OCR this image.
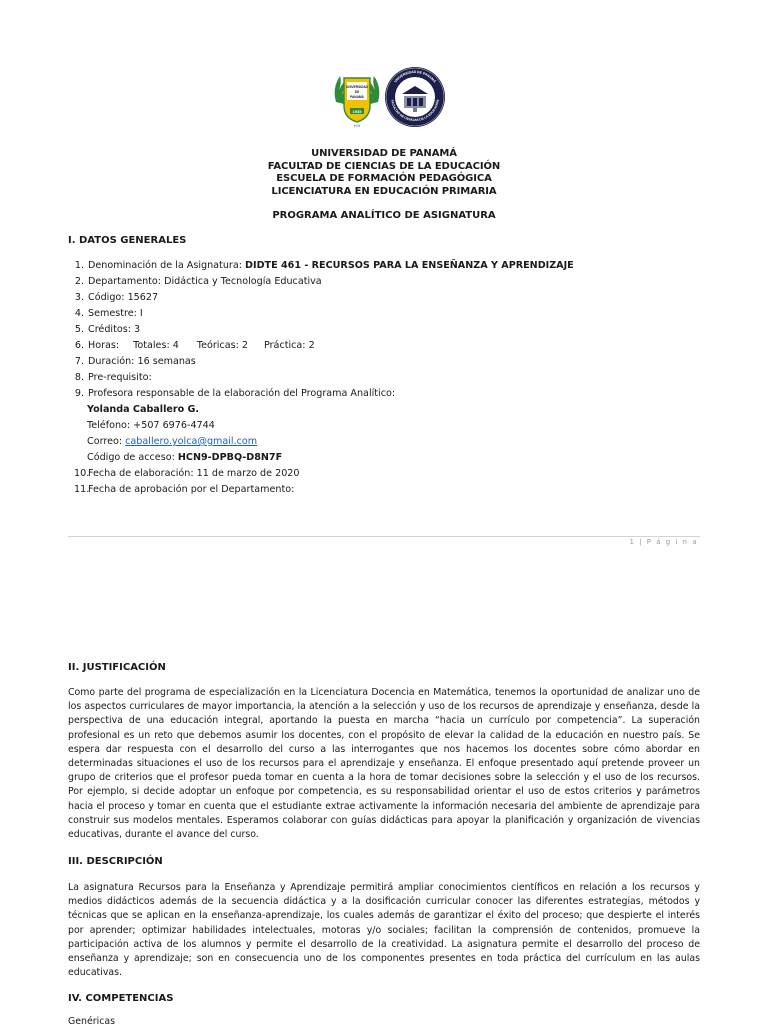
UNIVERSIDAD
DE
PANAMÁ
1935
H H
UNIVERSIDAD DE PANAMÁ
FACULTAD DE CIENCIAS DE LA EDUCACIÓN
UNIVERSIDAD DE PANAMÁ
FACULTAD DE CIENCIAS DE LA EDUCACIÓN
ESCUELA DE FORMACIÓN PEDAGÓGICA
LICENCIATURA EN EDUCACIÓN PRIMARIA
PROGRAMA ANALÍTICO DE ASIGNATURA
I. DATOS GENERALES
1. Denominación de la Asignatura: DIDTE 461 - RECURSOS PARA LA ENSEÑANZA Y APRENDIZAJE
2. Departamento: Didáctica y Tecnología Educativa
3. Código: 15627
4. Semestre: I
5. Créditos: 3
6. Horas: Totales: 4 Teóricas: 2 Práctica: 2
7. Duración: 16 semanas
8. Pre-requisito:
9. Profesora responsable de la elaboración del Programa Analítico:
Yolanda Caballero G.
Teléfono: +507 6976-4744
Correo: caballero.yolca@gmail.com
Código de acceso: HCN9-DPBQ-D8N7F
10.Fecha de elaboración: 11 de marzo de 2020
11.Fecha de aprobación por el Departamento:
1 | P á g i n a
II. JUSTIFICACIÓN
Como parte del programa de especialización en la Licenciatura Docencia en Matemática, tenemos la oportunidad de analizar uno de los aspectos curriculares de mayor importancia, la atención a la selección y uso de los recursos de aprendizaje y enseñanza, desde la perspectiva de una educación integral, aportando la puesta en marcha “hacia un currículo por competencia”. La superación profesional es un reto que debemos asumir los docentes, con el propósito de elevar la calidad de la educación en nuestro país. Se espera dar respuesta con el desarrollo del curso a las interrogantes que nos hacemos los docentes sobre cómo abordar en determinadas situaciones el uso de los recursos para el aprendizaje y enseñanza. El enfoque presentado aquí pretende proveer un grupo de criterios que el profesor pueda tomar en cuenta a la hora de tomar decisiones sobre la selección y el uso de los recursos. Por ejemplo, si decide adoptar un enfoque por competencia, es su responsabilidad orientar el uso de estos criterios y parámetros hacia el proceso y tomar en cuenta que el estudiante extrae activamente la información necesaria del ambiente de aprendizaje para construir sus modelos mentales. Esperamos colaborar con guías didácticas para apoyar la planificación y organización de vivencias educativas, durante el avance del curso.
III. DESCRIPCIÓN
La asignatura Recursos para la Enseñanza y Aprendizaje permitirá ampliar conocimientos científicos en relación a los recursos y medios didácticos además de la secuencia didáctica y a la dosificación curricular conocer las diferentes estrategias, métodos y técnicas que se aplican en la enseñanza-aprendizaje, los cuales además de garantizar el éxito del proceso; que despierte el interés por aprender; optimizar habilidades intelectuales, motoras y/o sociales; facilitan la comprensión de contenidos, promueve la participación activa de los alumnos y permite el desarrollo de la creatividad. La asignatura permite el desarrollo del proceso de enseñanza y aprendizaje; son en consecuencia uno de los componentes presentes en toda práctica del currículum en las aulas educativas.
IV. COMPETENCIAS
Genéricas
